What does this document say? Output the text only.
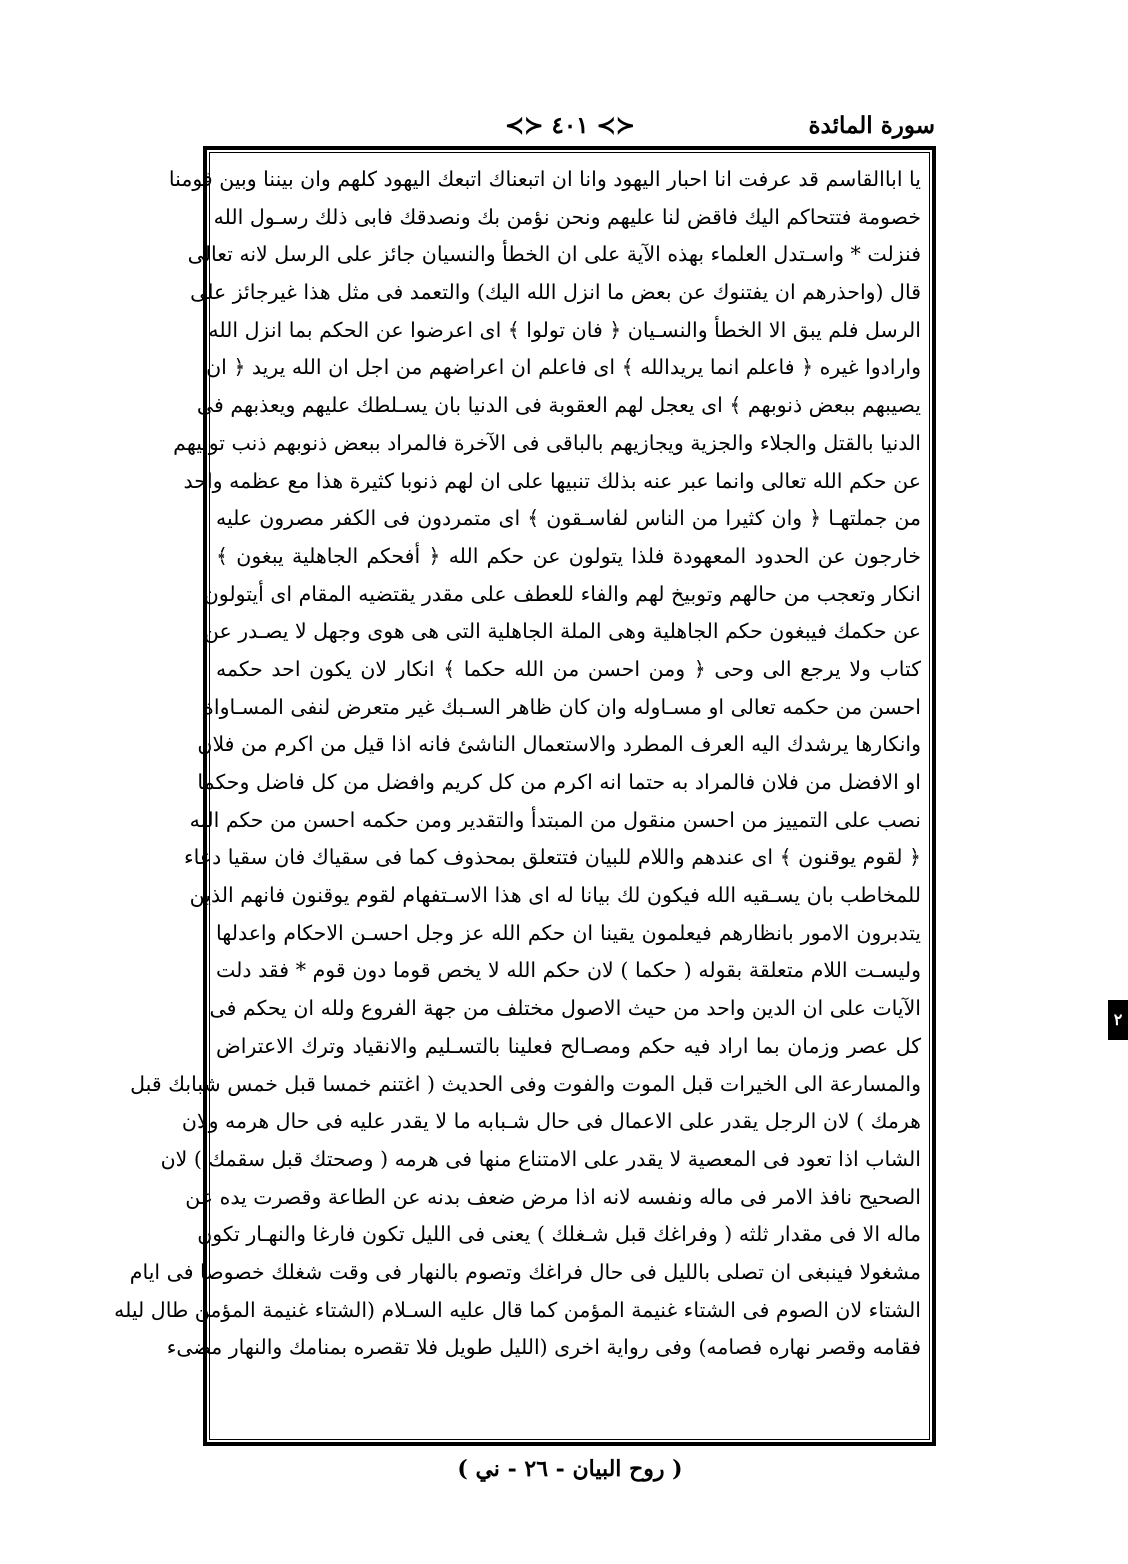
سورة المائدة
≺≻ ٤٠١ ≺≻
يا اباالقاسم قد عرفت انا احبار اليهود وانا ان اتبعناك اتبعك اليهود كلهم وان بيننا وبين قومنا
خصومة فتتحاكم اليك فاقض لنا عليهم ونحن نؤمن بك ونصدقك فابى ذلك رسـول الله
فنزلت * واسـتدل العلماء بهذه الآية على ان الخطأ والنسيان جائز على الرسل لانه تعالى
قال (واحذرهم ان يفتنوك عن بعض ما انزل الله اليك) والتعمد فى مثل هذا غيرجائز على
الرسل فلم يبق الا الخطأ والنسـيان ﴿ فان تولوا ﴾ اى اعرضوا عن الحكم بما انزل الله
وارادوا غيره ﴿ فاعلم انما يريدالله ﴾ اى فاعلم ان اعراضهم من اجل ان الله يريد ﴿ ان
يصيبهم ببعض ذنوبهم ﴾ اى يعجل لهم العقوبة فى الدنيا بان يسـلطك عليهم ويعذبهم فى
الدنيا بالقتل والجلاء والجزية ويجازيهم بالباقى فى الآخرة فالمراد ببعض ذنوبهم ذنب توليهم
عن حكم الله تعالى وانما عبر عنه بذلك تنبيها على ان لهم ذنوبا كثيرة هذا مع عظمه واحد
من جملتهـا ﴿ وان كثيرا من الناس لفاسـقون ﴾ اى متمردون فى الكفر مصرون عليه
خارجون عن الحدود المعهودة فلذا يتولون عن حكم الله ﴿ أفحكم الجاهلية يبغون ﴾
انكار وتعجب من حالهم وتوبيخ لهم والفاء للعطف على مقدر يقتضيه المقام اى أيتولون
عن حكمك فيبغون حكم الجاهلية وهى الملة الجاهلية التى هى هوى وجهل لا يصـدر عن
كتاب ولا يرجع الى وحى ﴿ ومن احسن من الله حكما ﴾ انكار لان يكون احد حكمه
احسن من حكمه تعالى او مسـاوله وان كان ظاهر السـبك غير متعرض لنفى المسـاواة
وانكارها يرشدك اليه العرف المطرد والاستعمال الناشئ فانه اذا قيل من اكرم من فلان
او الافضل من فلان فالمراد به حتما انه اكرم من كل كريم وافضل من كل فاضل وحكما
نصب على التمييز من احسن منقول من المبتدأ والتقدير ومن حكمه احسن من حكم الله
﴿ لقوم يوقنون ﴾ اى عندهم واللام للبيان فتتعلق بمحذوف كما فى سقياك فان سقيا دعاء
للمخاطب بان يسـقيه الله فيكون لك بيانا له اى هذا الاسـتفهام لقوم يوقنون فانهم الذين
يتدبرون الامور بانظارهم فيعلمون يقينا ان حكم الله عز وجل احسـن الاحكام واعدلها
وليسـت اللام متعلقة بقوله ( حكما ) لان حكم الله لا يخص قوما دون قوم * فقد دلت
الآيات على ان الدين واحد من حيث الاصول مختلف من جهة الفروع ولله ان يحكم فى
كل عصر وزمان بما اراد فيه حكم ومصـالح فعلينا بالتسـليم والانقياد وترك الاعتراض
والمسارعة الى الخيرات قبل الموت والفوت وفى الحديث ( اغتنم خمسا قبل خمس شبابك قبل
هرمك ) لان الرجل يقدر على الاعمال فى حال شـبابه ما لا يقدر عليه فى حال هرمه ولان
الشاب اذا تعود فى المعصية لا يقدر على الامتناع منها فى هرمه ( وصحتك قبل سقمك ) لان
الصحيح نافذ الامر فى ماله ونفسه لانه اذا مرض ضعف بدنه عن الطاعة وقصرت يده عن
ماله الا فى مقدار ثلثه ( وفراغك قبل شـغلك ) يعنى فى الليل تكون فارغا والنهـار تكون
مشغولا فينبغى ان تصلى بالليل فى حال فراغك وتصوم بالنهار فى وقت شغلك خصوصا فى ايام
الشتاء لان الصوم فى الشتاء غنيمة المؤمن كما قال عليه السـلام (الشتاء غنيمة المؤمن طال ليله
فقامه وقصر نهاره فصامه) وفى رواية اخرى (الليل طويل فلا تقصره بمنامك والنهار مضىء
( روح البيان - ٢٦ - ني )
٢
